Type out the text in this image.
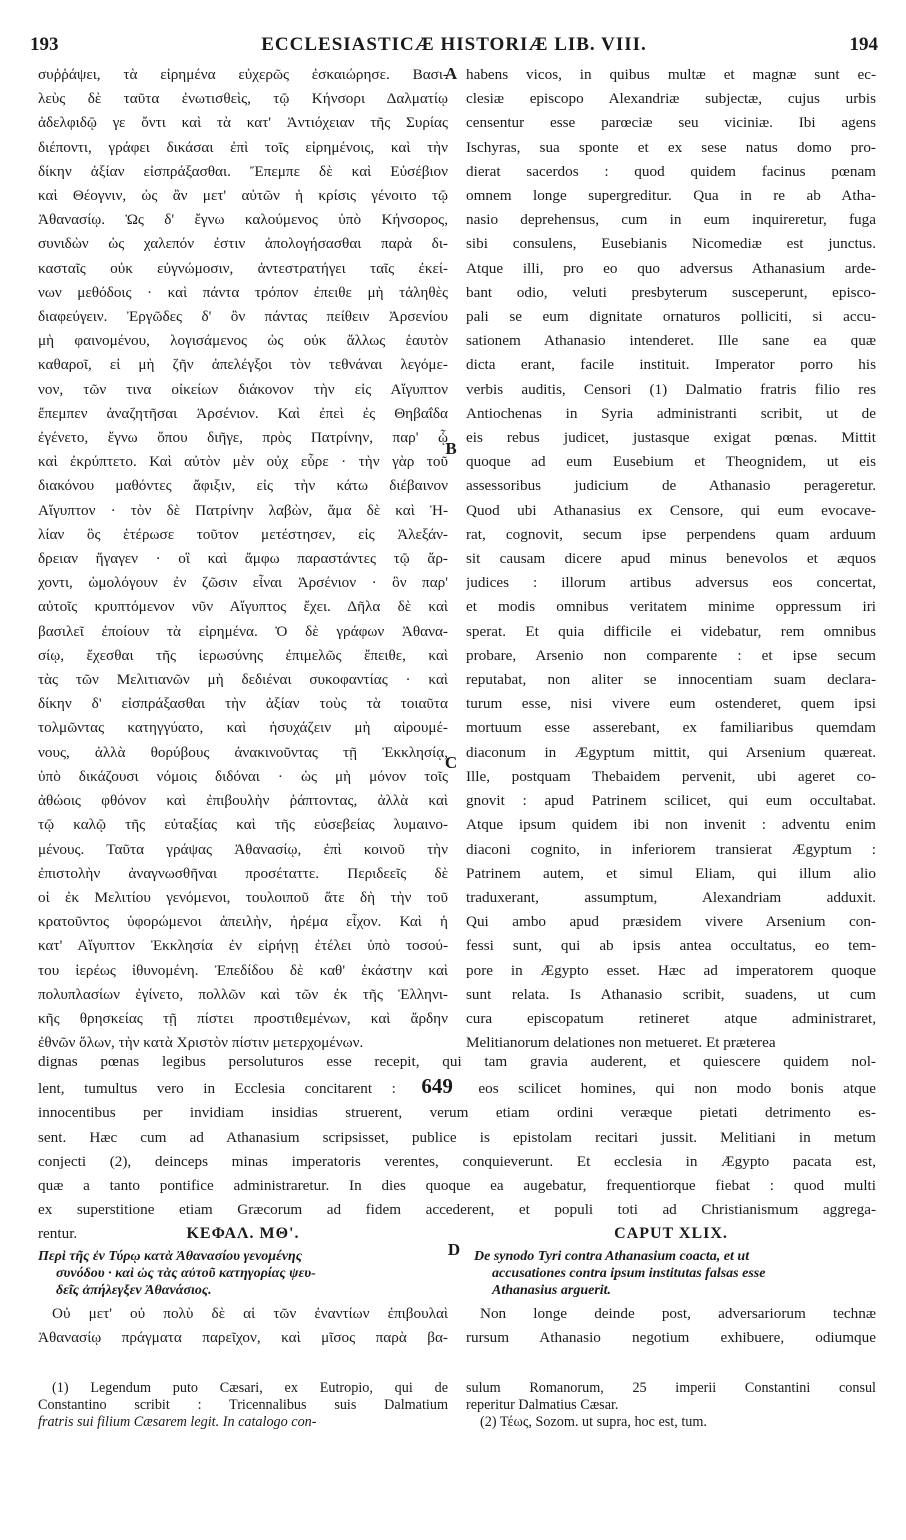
193	ECCLESIASTICÆ HISTORIÆ LIB. VIII.	194
συῤῥάψει, τὰ εἰρημένα εὐχερῶς ἐσκαιώρησε. Βασι-
λεὺς δὲ ταῦτα ἐνωτισθεὶς, τῷ Κήνσορι Δαλματίῳ
ἀδελφιδῷ γε ὄντι καὶ τὰ κατ' Ἀντιόχειαν τῆς Συρίας
διέποντι, γράφει δικάσαι ἐπὶ τοῖς εἰρημένοις, καὶ τὴν
δίκην ἀξίαν εἰσπράξασθαι. Ἔπεμπε δὲ καὶ Εὐσέβιον
καὶ Θέογνιν, ὡς ἂν μετ' αὐτῶν ἡ κρίσις γένοιτο τῷ
Ἀθανασίῳ. Ὡς δ' ἔγνω καλούμενος ὑπὸ Κήνσορος,
συνιδὼν ὡς χαλεπόν ἐστιν ἀπολογήσασθαι παρὰ δι-
κασταῖς οὐκ εὐγνώμοσιν, ἀντεστρατήγει ταῖς ἐκεί-
νων μεθόδοις · καὶ πάντα τρόπον ἐπειθε μὴ τἀληθὲς
διαφεύγειν. Ἐργῶδες δ' ὂν πάντας πείθειν Ἀρσενίου
μὴ φαινομένου, λογισάμενος ὡς οὐκ ἄλλως ἑαυτὸν
καθαροῖ, εἰ μὴ ζῆν ἀπελέγξοι τὸν τεθνάναι λεγόμε-
νον, τῶν τινα οἰκείων διάκονον τὴν εἰς Αἴγυπτον
ἔπεμπεν ἀναζητῆσαι Ἀρσένιον. Καὶ ἐπεὶ ἐς Θηβαΐδα
ἐγένετο, ἔγνω ὅπου διῆγε, πρὸς Πατρίνην, παρ' ᾧ
καὶ ἐκρύπτετο. Καὶ αὐτὸν μὲν οὐχ εὗρε · τὴν γὰρ τοῦ
διακόνου μαθόντες ἄφιξιν, εἰς τὴν κάτω διέβαινον
Αἴγυπτον · τὸν δὲ Πατρίνην λαβὼν, ἅμα δὲ καὶ Ἠ-
λίαν ὃς ἑτέρωσε τοῦτον μετέστησεν, εἰς Ἀλεξάν-
δρειαν ἤγαγεν · οἳ καὶ ἄμφω παραστάντες τῷ ἄρ-
χοντι, ὡμολόγουν ἐν ζῶσιν εἶναι Ἀρσένιον · ὃν παρ'
αὐτοῖς κρυπτόμενον νῦν Αἴγυπτος ἔχει. Δῆλα δὲ καὶ
βασιλεῖ ἐποίουν τὰ εἰρημένα. Ὁ δὲ γράφων Ἀθανα-
σίῳ, ἔχεσθαι τῆς ἱερωσύνης ἐπιμελῶς ἔπειθε, καὶ
τὰς τῶν Μελιτιανῶν μὴ δεδιέναι συκοφαντίας · καὶ
δίκην δ' εἰσπράξασθαι τὴν ἀξίαν τοὺς τὰ τοιαῦτα
τολμῶντας κατηγγύατο, καὶ ἡσυχάζειν μὴ αἱρουμέ-
νους, ἀλλὰ θορύβους ἀνακινοῦντας τῇ Ἐκκλησίᾳ,
ὑπὸ δικάζουσι νόμοις διδόναι · ὡς μὴ μόνον τοῖς
ἀθώοις φθόνον καὶ ἐπιβουλὴν ῥάπτοντας, ἀλλὰ καὶ
τῷ καλῷ τῆς εὐταξίας καὶ τῆς εὐσεβείας λυμαινο-
μένους. Ταῦτα γράψας Ἀθανασίῳ, ἐπὶ κοινοῦ τὴν
ἐπιστολὴν ἀναγνωσθῆναι προσέταττε. Περιδεεῖς δὲ
οἱ ἐκ Μελιτίου γενόμενοι, τουλοιποῦ ἅτε δὴ τὴν τοῦ
κρατοῦντος ὑφορώμενοι ἀπειλὴν, ἠρέμα εἶχον. Καὶ ἡ
κατ' Αἴγυπτον Ἐκκλησία ἐν εἰρήνῃ ἐτέλει ὑπὸ τοσού-
του ἱερέως ἰθυνομένη. Ἐπεδίδου δὲ καθ' ἑκάστην καὶ
πολυπλασίων ἐγίνετο, πολλῶν καὶ τῶν ἐκ τῆς Ἑλληνι-
κῆς θρησκείας τῇ πίστει προστιθεμένων, καὶ ἄρδην
ἐθνῶν ὅλων, τὴν κατὰ Χριστὸν πίστιν μετερχομένων.
habens vicos, in quibus multæ et magnæ sunt ec-
clesiæ episcopo Alexandriæ subjectæ, cujus urbis
censentur esse parœciæ seu viciniæ. Ibi agens
Ischyras, sua sponte et ex sese natus domo pro-
dierat sacerdos : quod quidem facinus pœnam
omnem longe supergreditur. Qua in re ab Atha-
nasio deprehensus, cum in eum inquireretur, fuga
sibi consulens, Eusebianis Nicomediæ est junctus.
Atque illi, pro eo quo adversus Athanasium arde-
bant odio, veluti presbyterum susceperunt, episco-
pali se eum dignitate ornaturos polliciti, si accu-
sationem Athanasio intenderet. Ille sane ea quæ
dicta erant, facile instituit. Imperator porro his
verbis auditis, Censori (1) Dalmatio fratris filio res
Antiochenas in Syria administranti scribit, ut de
eis rebus judicet, justasque exigat pœnas. Mittit
quoque ad eum Eusebium et Theognidem, ut eis
assessoribus judicium de Athanasio perageretur.
Quod ubi Athanasius ex Censore, qui eum evocave-
rat, cognovit, secum ipse perpendens quam arduum
sit causam dicere apud minus benevolos et æquos
judices : illorum artibus adversus eos concertat,
et modis omnibus veritatem minime oppressum iri
sperat. Et quia difficile ei videbatur, rem omnibus
probare, Arsenio non comparente : et ipse secum
reputabat, non aliter se innocentiam suam declara-
turum esse, nisi vivere eum ostenderet, quem ipsi
mortuum esse asserebant, ex familiaribus quemdam
diaconum in Ægyptum mittit, qui Arsenium quæreat.
Ille, postquam Thebaidem pervenit, ubi ageret co-
gnovit : apud Patrinem scilicet, qui eum occultabat.
Atque ipsum quidem ibi non invenit : adventu enim
diaconi cognito, in inferiorem transierat Ægyptum :
Patrinem autem, et simul Eliam, qui illum alio
traduxerant, assumptum, Alexandriam adduxit.
Qui ambo apud præsidem vivere Arsenium con-
fessi sunt, qui ab ipsis antea occultatus, eo tem-
pore in Ægypto esset. Hæc ad imperatorem quoque
sunt relata. Is Athanasio scribit, suadens, ut cum
cura episcopatum retineret atque administraret,
Melitianorum delationes non metueret. Et præterea
A
B
C
D
dignas pœnas legibus persoluturos esse recepit, qui tam gravia auderent, et quiescere quidem nol-
lent, tumultus vero in Ecclesia concitarent : 649 eos scilicet homines, qui non modo bonis atque
innocentibus per invidiam insidias struerent, verum etiam ordini veræque pietati detrimento es-
sent. Hæc cum ad Athanasium scripsisset, publice is epistolam recitari jussit. Melitiani in metum
conjecti (2), deinceps minas imperatoris verentes, conquieverunt. Et ecclesia in Ægypto pacata est,
quæ a tanto pontifice administraretur. In dies quoque ea augebatur, frequentiorque fiebat : quod multi
ex superstitione etiam Græcorum ad fidem accederent, et populi toti ad Christianismum aggrega-
rentur.	ΚΕΦΑΛ. ΜΘ'.	CAPUT XLIX.
Περὶ τῆς ἐν Τύρῳ κατὰ Ἀθανασίου γενομένης
συνόδου · καὶ ὡς τὰς αὐτοῦ κατηγορίας ψευ-
δεῖς ἀπήλεγξεν Ἀθανάσιος.
De synodo Tyri contra Athanasium coacta, et ut
accusationes contra ipsum institutas falsas esse
Athanasius arguerit.
Οὐ μετ' οὐ πολὺ δὲ αἱ τῶν ἐναντίων ἐπιβουλαὶ
Ἀθανασίῳ πράγματα παρεῖχον, καὶ μῖσος παρὰ βα-
Non longe deinde post, adversariorum technæ
rursum Athanasio negotium exhibuere, odiumque
(1) Legendum puto Cæsari, ex Eutropio, qui de
Constantino scribit : Tricennalibus suis Dalmatium
fratris sui filium Cæsarem legit. In catalogo con-
sulum Romanorum, 25 imperii Constantini consul
reperitur Dalmatius Cæsar.
(2) Τέως, Sozom. ut supra, hoc est, tum.
